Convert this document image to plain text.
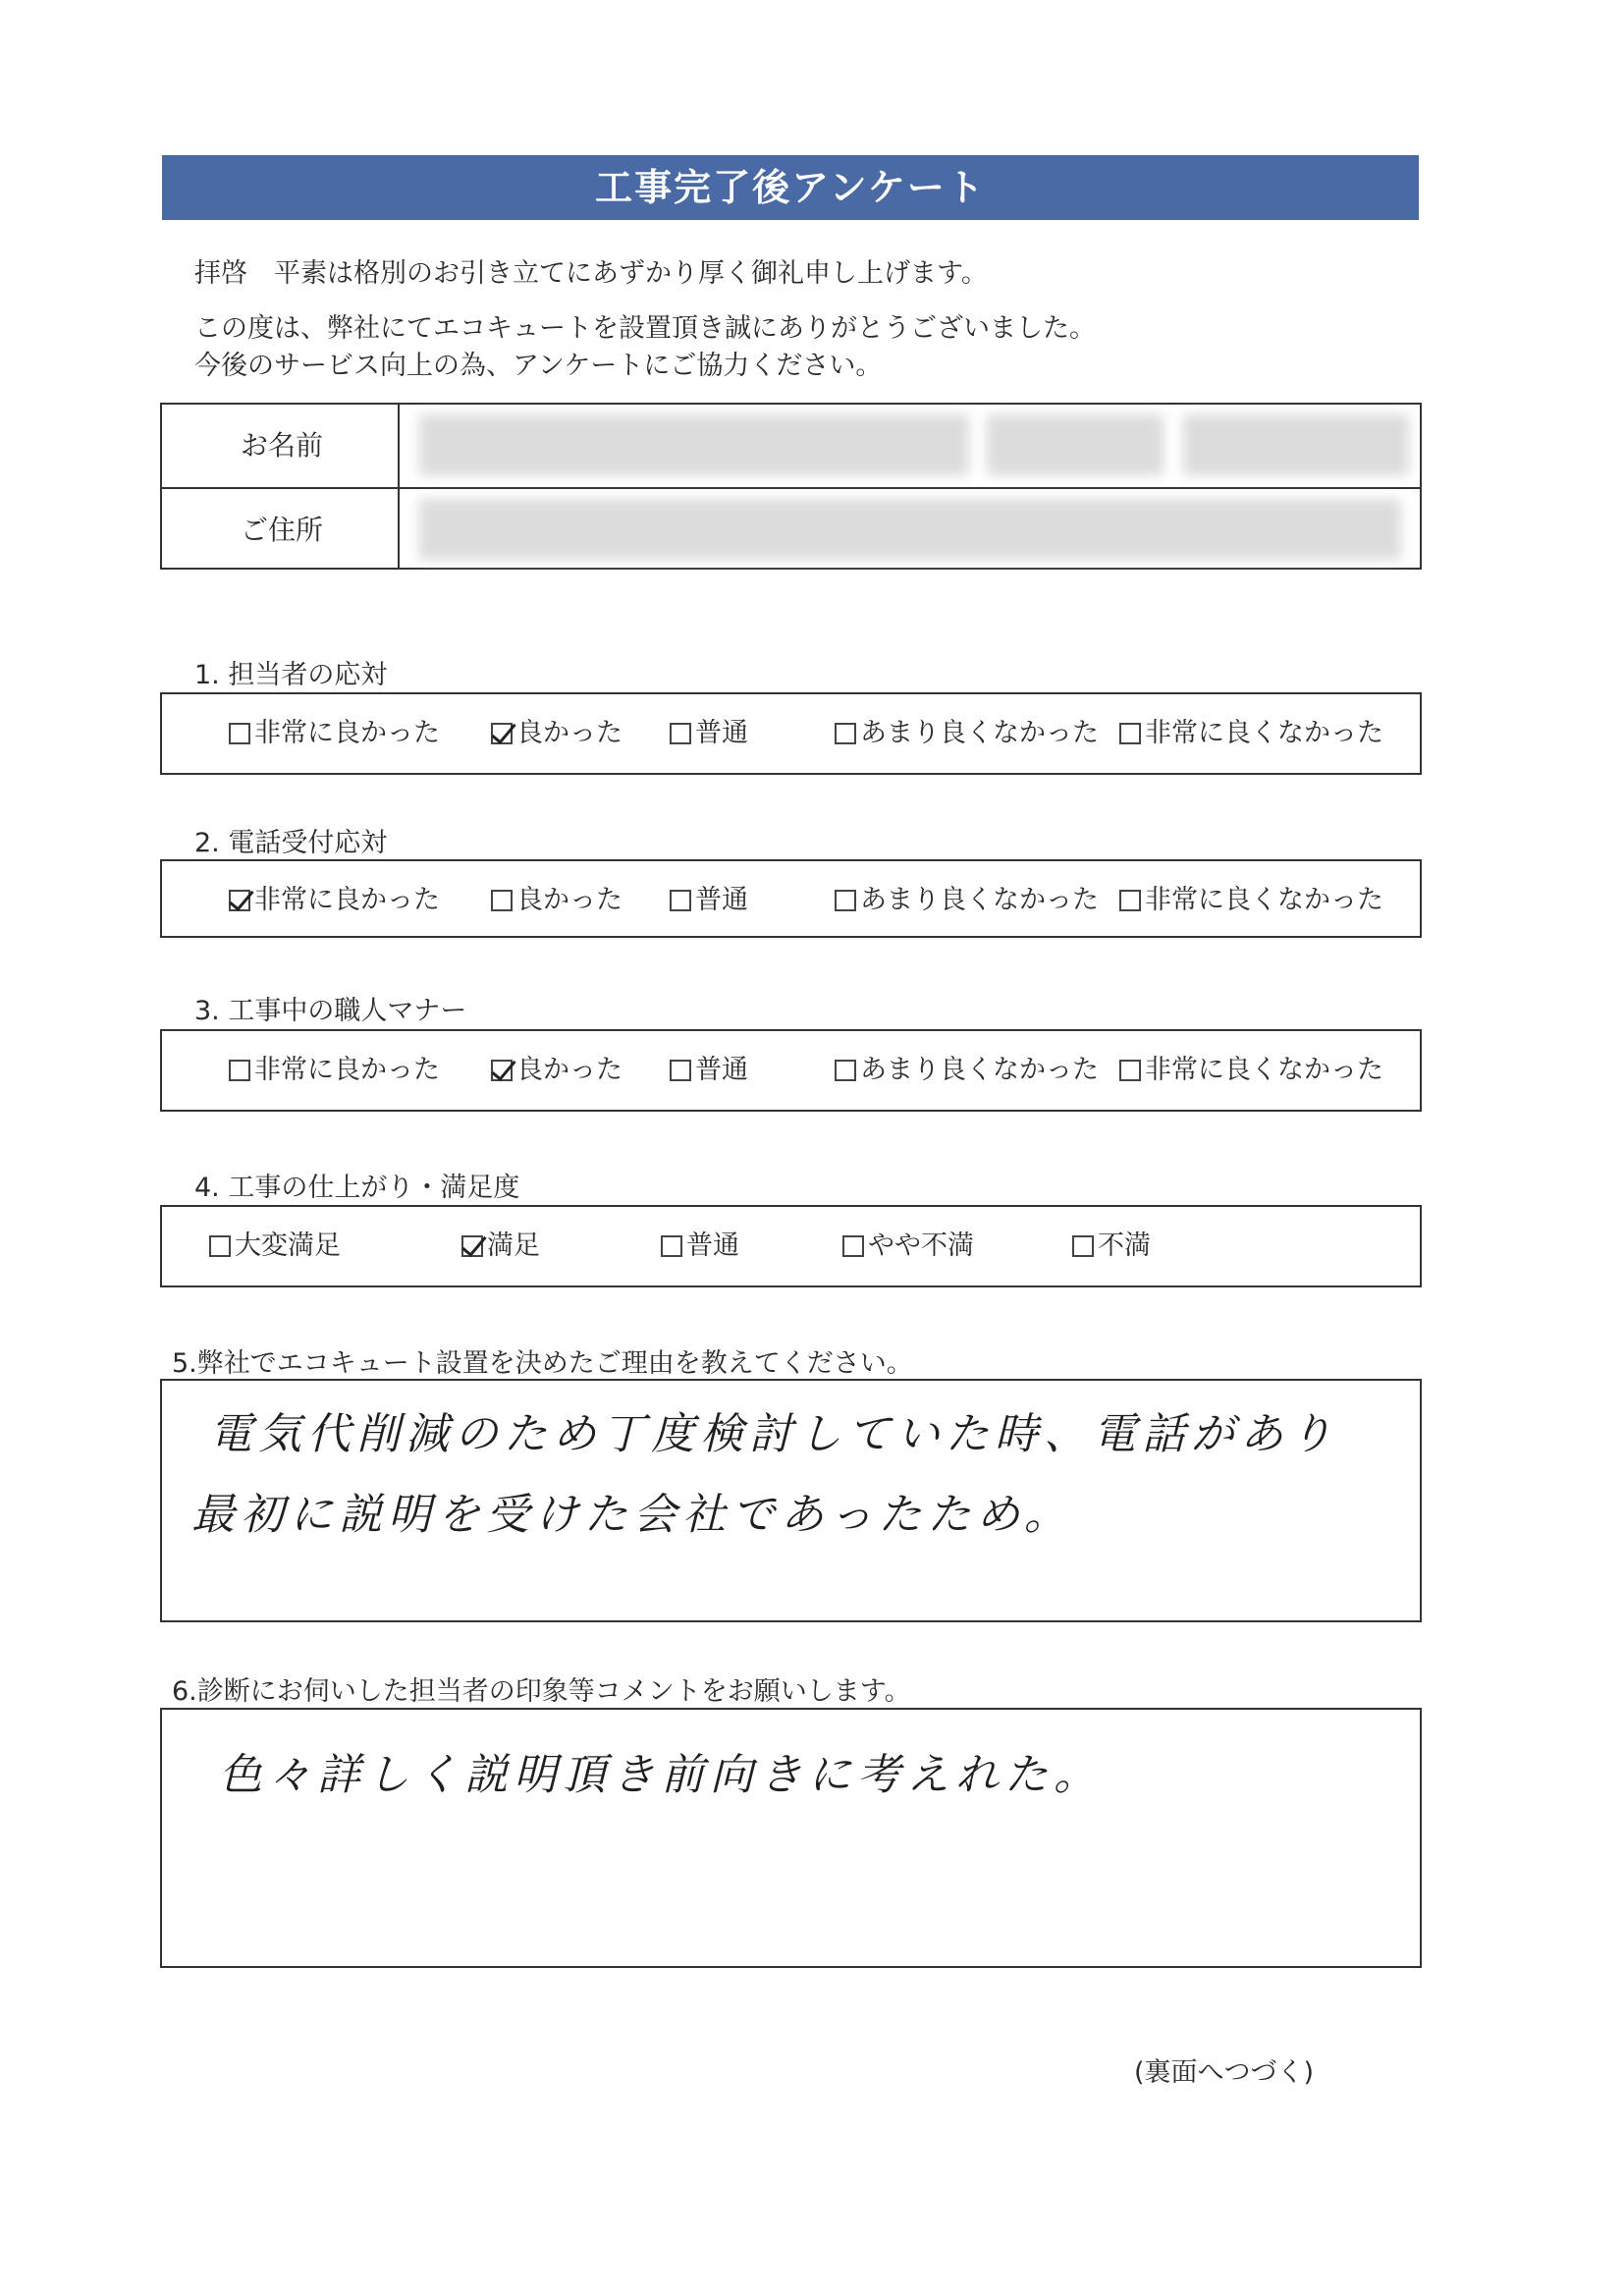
工事完了後アンケート
拝啓　平素は格別のお引き立てにあずかり厚く御礼申し上げます。
この度は、弊社にてエコキュートを設置頂き誠にありがとうございました。
今後のサービス向上の為、アンケートにご協力ください。
お名前
ご住所
1. 担当者の応対
非常に良かった	良かった	普通	あまり良くなかった	非常に良くなかった
2. 電話受付応対
非常に良かった	良かった	普通	あまり良くなかった	非常に良くなかった
3. 工事中の職人マナー
非常に良かった	良かった	普通	あまり良くなかった	非常に良くなかった
4. 工事の仕上がり・満足度
大変満足	満足	普通	やや不満	不満
5.弊社でエコキュート設置を決めたご理由を教えてください。
電気代削減のため丁度検討していた時、電話があり
最初に説明を受けた会社であったため。
6.診断にお伺いした担当者の印象等コメントをお願いします。
色々詳しく説明頂き前向きに考えれた。
(裏面へつづく)
